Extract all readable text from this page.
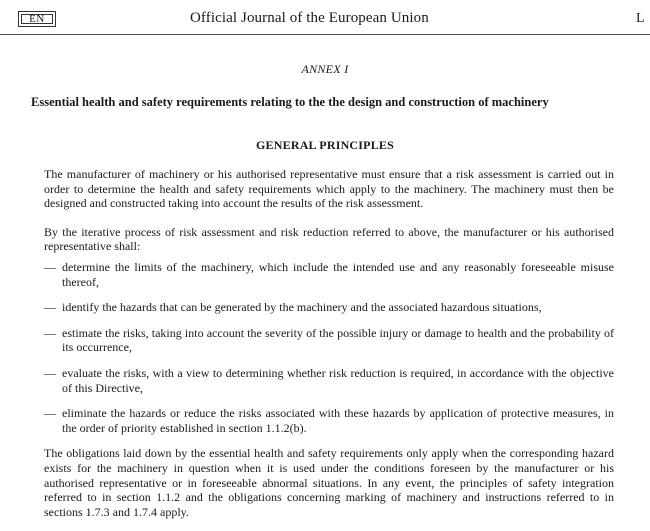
EN	Official Journal of the European Union	L
ANNEX I
Essential health and safety requirements relating to the the design and construction of machinery
GENERAL PRINCIPLES

The manufacturer of machinery or his authorised representative must ensure that a risk assessment is carried out in order to determine the health and safety requirements which apply to the machinery. The machinery must then be designed and constructed taking into account the results of the risk assessment.

By the iterative process of risk assessment and risk reduction referred to above, the manufacturer or his authorised representative shall:

— determine the limits of the machinery, which include the intended use and any reasonably foreseeable misuse thereof,
— identify the hazards that can be generated by the machinery and the associated hazardous situations,
— estimate the risks, taking into account the severity of the possible injury or damage to health and the probability of its occurrence,
— evaluate the risks, with a view to determining whether risk reduction is required, in accordance with the objective of this Directive,
— eliminate the hazards or reduce the risks associated with these hazards by application of protective measures, in the order of priority established in section 1.1.2(b).

The obligations laid down by the essential health and safety requirements only apply when the corresponding hazard exists for the machinery in question when it is used under the conditions foreseen by the manufacturer or his authorised representative or in foreseeable abnormal situations. In any event, the principles of safety integration referred to in section 1.1.2 and the obligations concerning marking of machinery and instructions referred to in sections 1.7.3 and 1.7.4 apply.
